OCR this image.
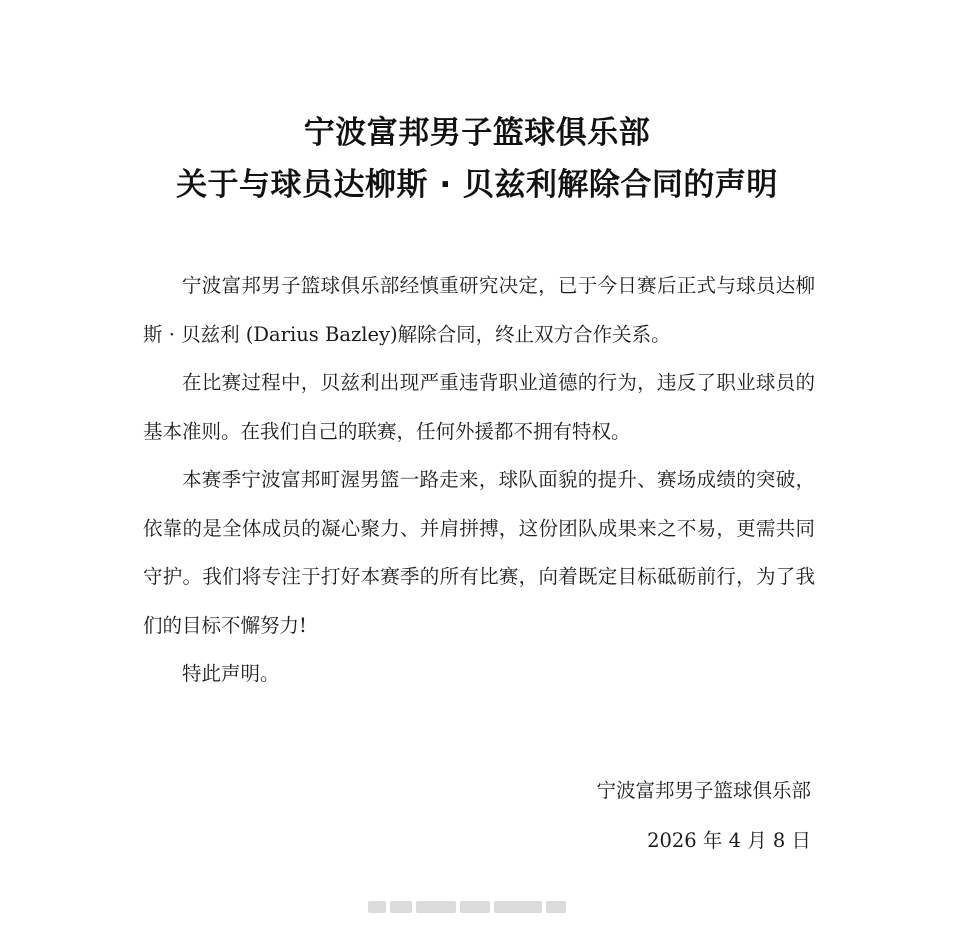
宁波富邦男子篮球俱乐部
关于与球员达柳斯 · 贝兹利解除合同的声明

宁波富邦男子篮球俱乐部经慎重研究决定，已于今日赛后正式与球员达柳斯 · 贝兹利 (Darius Bazley)解除合同，终止双方合作关系。

在比赛过程中，贝兹利出现严重违背职业道德的行为，违反了职业球员的基本准则。在我们自己的联赛，任何外援都不拥有特权。

本赛季宁波富邦町渥男篮一路走来，球队面貌的提升、赛场成绩的突破，依靠的是全体成员的凝心聚力、并肩拼搏，这份团队成果来之不易，更需共同守护。我们将专注于打好本赛季的所有比赛，向着既定目标砥砺前行，为了我们的目标不懈努力!

特此声明。

宁波富邦男子篮球俱乐部
2026 年 4 月 8 日
